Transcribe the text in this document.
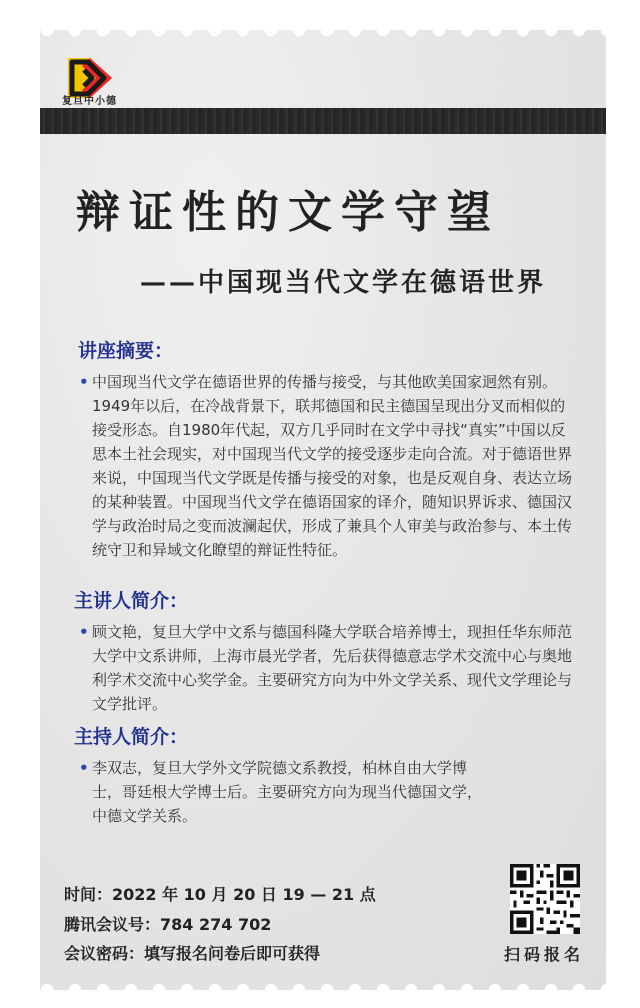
复旦中小德
辩证性的文学守望
——中国现当代文学在德语世界
讲座摘要：
• 中国现当代文学在德语世界的传播与接受，与其他欧美国家迥然有别。1949年以后，在冷战背景下，联邦德国和民主德国呈现出分叉而相似的接受形态。自1980年代起，双方几乎同时在文学中寻找“真实”中国以反思本土社会现实，对中国现当代文学的接受逐步走向合流。对于德语世界来说，中国现当代文学既是传播与接受的对象，也是反观自身、表达立场的某种装置。中国现当代文学在德语国家的译介，随知识界诉求、德国汉学与政治时局之变而波澜起伏，形成了兼具个人审美与政治参与、本土传统守卫和异域文化瞭望的辩证性特征。
主讲人简介：
• 顾文艳，复旦大学中文系与德国科隆大学联合培养博士，现担任华东师范大学中文系讲师，上海市晨光学者，先后获得德意志学术交流中心与奥地利学术交流中心奖学金。主要研究方向为中外文学关系、现代文学理论与文学批评。
主持人简介：
• 李双志，复旦大学外文学院德文系教授，柏林自由大学博士，哥廷根大学博士后。主要研究方向为现当代德国文学，中德文学关系。
时间：2022 年 10 月 20 日 19 — 21 点
腾讯会议号：784 274 702
会议密码：填写报名问卷后即可获得	扫码报名
